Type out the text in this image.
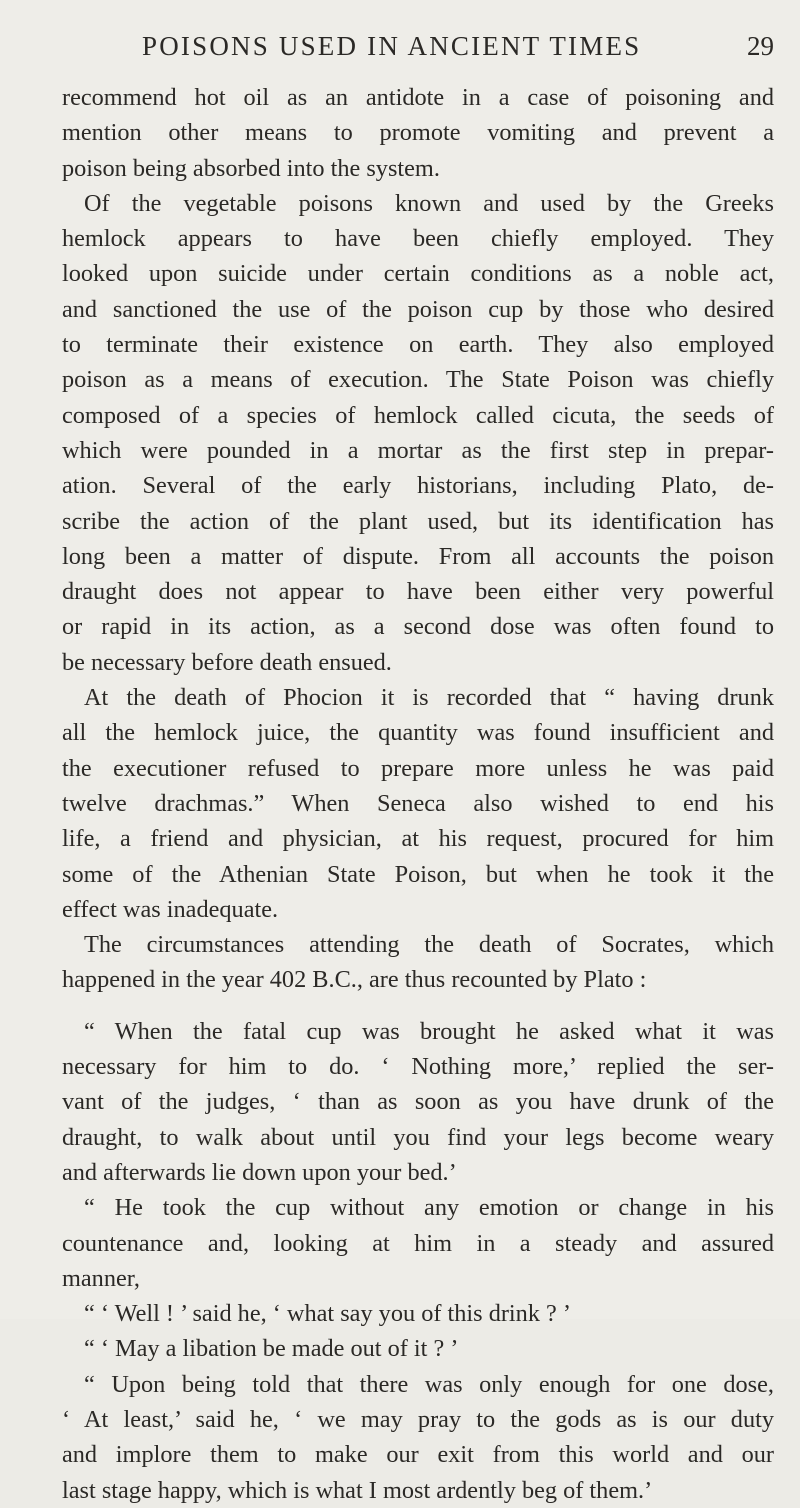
POISONS USED IN ANCIENT TIMES	29
recommend hot oil as an antidote in a case of poisoning and
mention other means to promote vomiting and prevent a
poison being absorbed into the system.
Of the vegetable poisons known and used by the Greeks
hemlock appears to have been chiefly employed. They
looked upon suicide under certain conditions as a noble act,
and sanctioned the use of the poison cup by those who desired
to terminate their existence on earth. They also employed
poison as a means of execution. The State Poison was chiefly
composed of a species of hemlock called cicuta, the seeds of
which were pounded in a mortar as the first step in prepar-
ation. Several of the early historians, including Plato, de-
scribe the action of the plant used, but its identification has
long been a matter of dispute. From all accounts the poison
draught does not appear to have been either very powerful
or rapid in its action, as a second dose was often found to
be necessary before death ensued.
At the death of Phocion it is recorded that “ having drunk
all the hemlock juice, the quantity was found insufficient and
the executioner refused to prepare more unless he was paid
twelve drachmas.” When Seneca also wished to end his
life, a friend and physician, at his request, procured for him
some of the Athenian State Poison, but when he took it the
effect was inadequate.
The circumstances attending the death of Socrates, which
happened in the year 402 B.C., are thus recounted by Plato :
“ When the fatal cup was brought he asked what it was
necessary for him to do. ‘ Nothing more,’ replied the ser-
vant of the judges, ‘ than as soon as you have drunk of the
draught, to walk about until you find your legs become weary
and afterwards lie down upon your bed.’
“ He took the cup without any emotion or change in his
countenance and, looking at him in a steady and assured
manner,
“ ‘ Well ! ’ said he, ‘ what say you of this drink ? ’
“ ‘ May a libation be made out of it ? ’
“ Upon being told that there was only enough for one dose,
‘ At least,’ said he, ‘ we may pray to the gods as is our duty
and implore them to make our exit from this world and our
last stage happy, which is what I most ardently beg of them.’
